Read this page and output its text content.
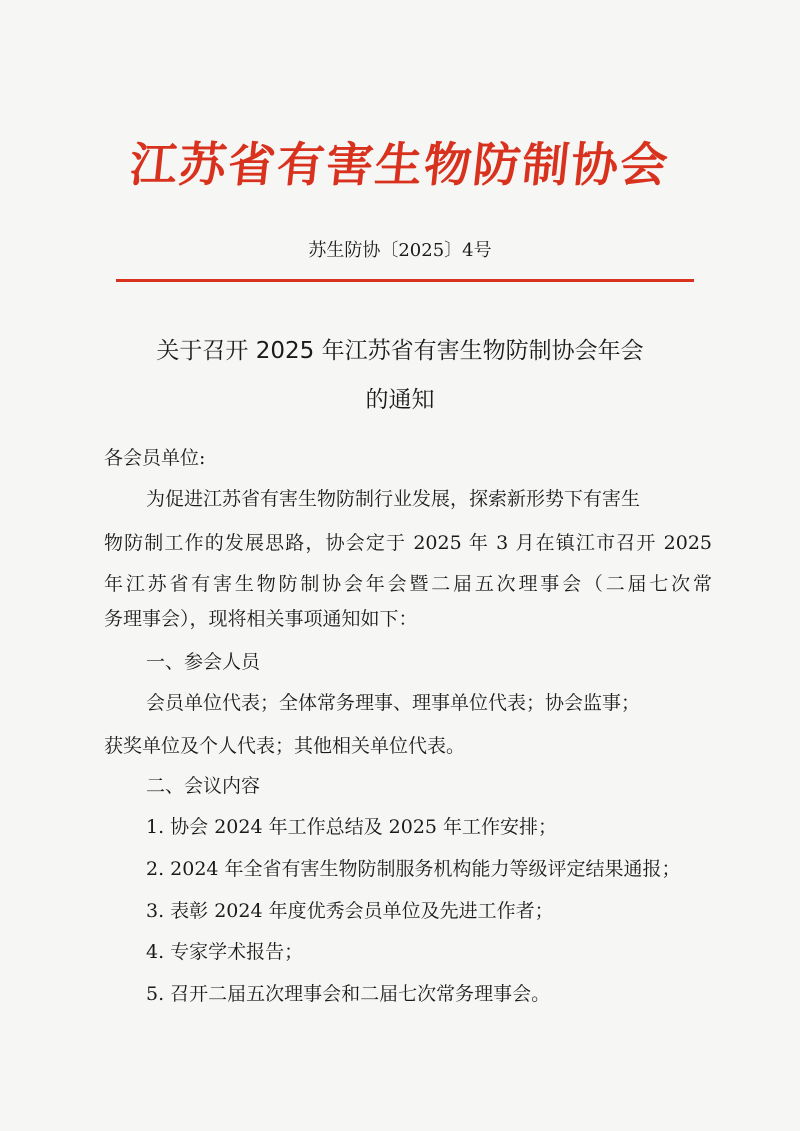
江苏省有害生物防制协会
苏生防协〔2025〕4号
关于召开 2025 年江苏省有害生物防制协会年会
的通知
各会员单位:
为促进江苏省有害生物防制行业发展，探索新形势下有害生
物防制工作的发展思路，协会定于 2025 年 3 月在镇江市召开 2025
年江苏省有害生物防制协会年会暨二届五次理事会（二届七次常
务理事会），现将相关事项通知如下：
一、参会人员
会员单位代表；全体常务理事、理事单位代表；协会监事；
获奖单位及个人代表；其他相关单位代表。
二、会议内容
1. 协会 2024 年工作总结及 2025 年工作安排；
2. 2024 年全省有害生物防制服务机构能力等级评定结果通报；
3. 表彰 2024 年度优秀会员单位及先进工作者；
4. 专家学术报告；
5. 召开二届五次理事会和二届七次常务理事会。
